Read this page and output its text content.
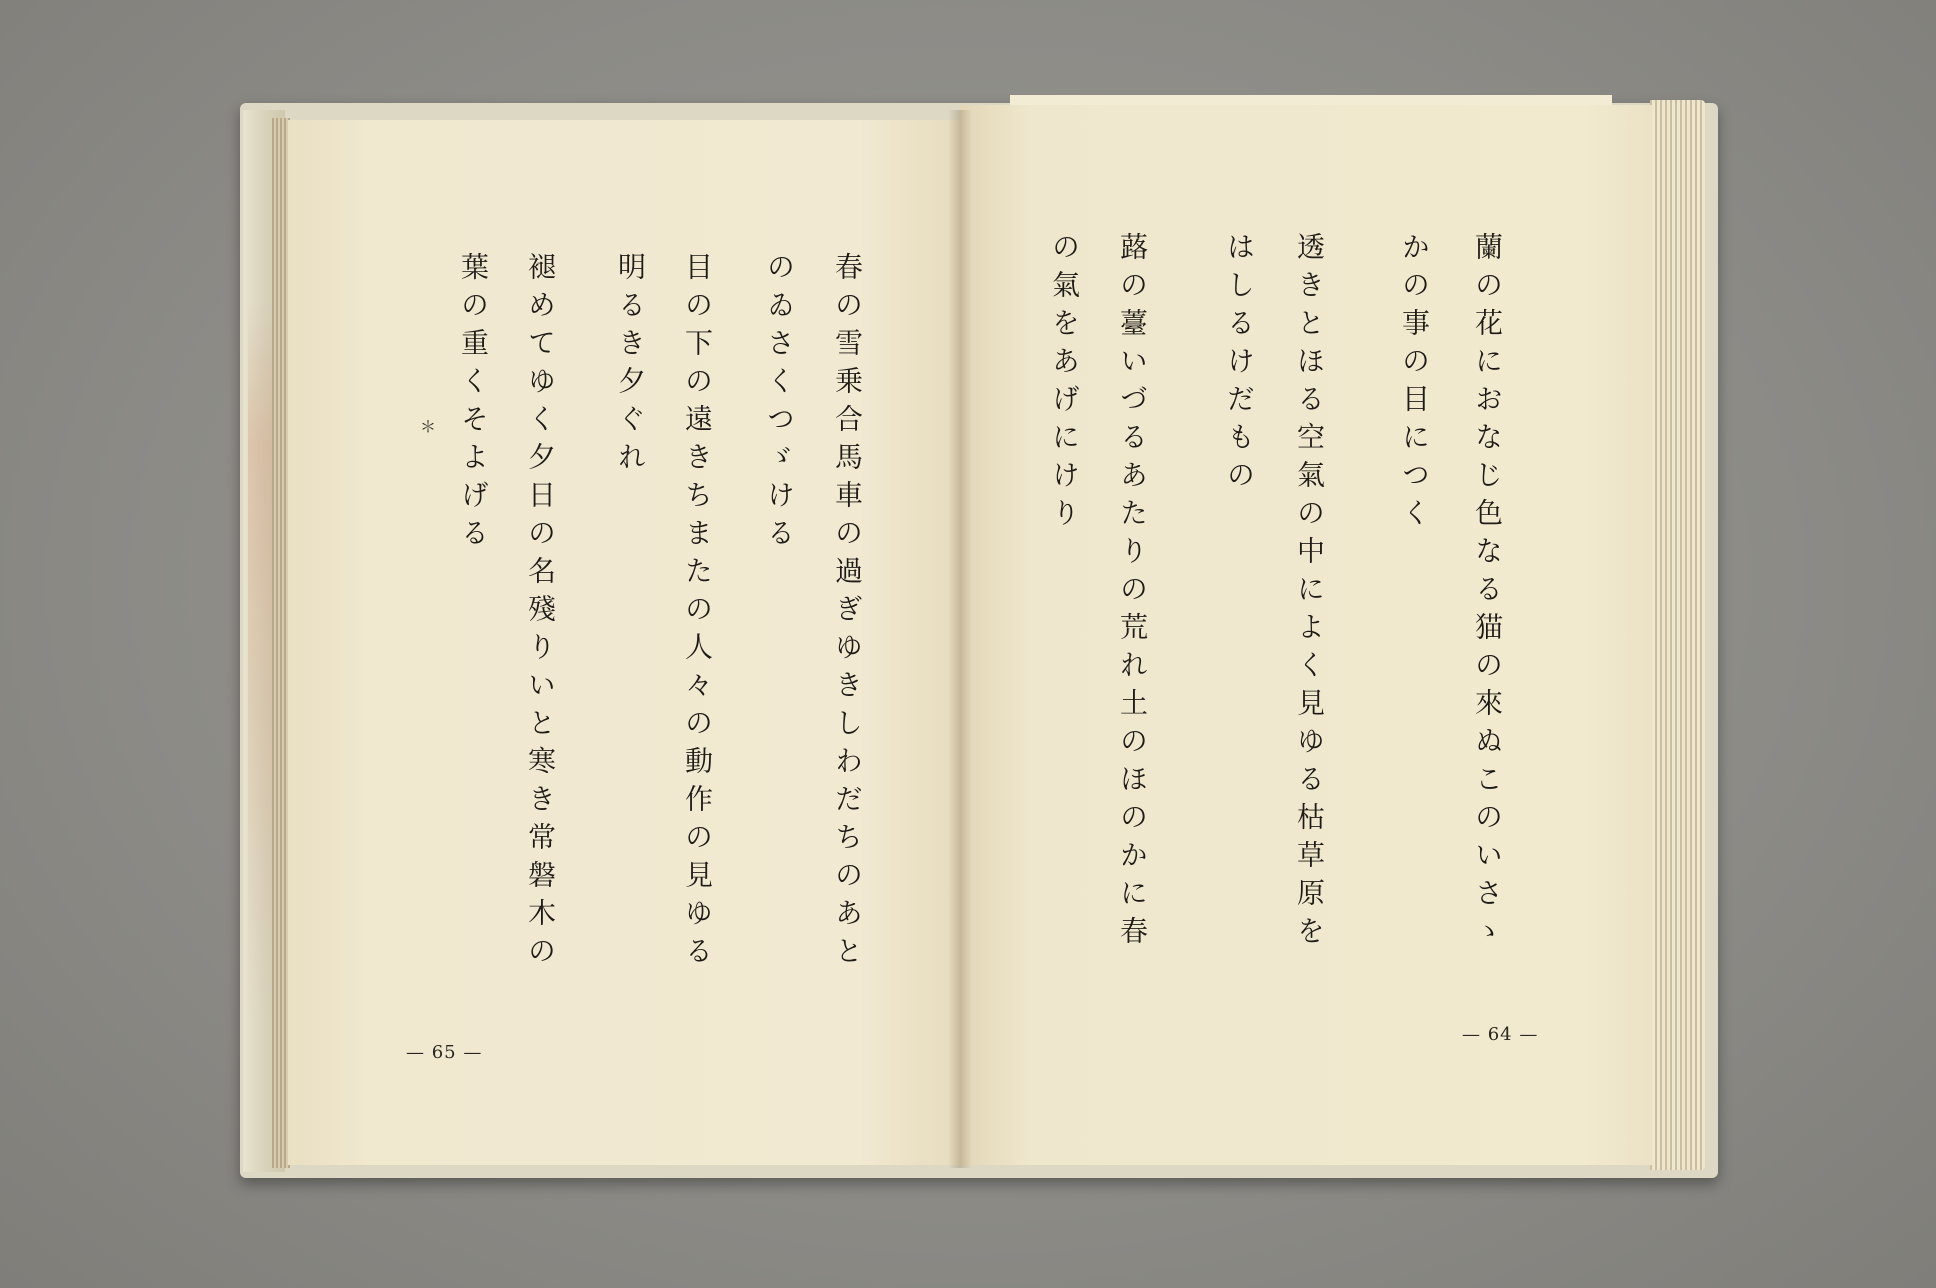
春の雪乗合馬車の過ぎゆきしわだちのあと
のゐさくつゞける
目の下の遠きちまたの人々の動作の見ゆる
明るき夕ぐれ
褪めてゆく夕日の名殘りいと寒き常磐木の
葉の重くそよげる
＊
— 65 —
蘭の花におなじ色なる猫の來ぬこのいさゝ
かの事の目につく
透きとほる空氣の中によく見ゆる枯草原を
はしるけだもの
蕗の薹いづるあたりの荒れ土のほのかに春
の氣をあげにけり
— 64 —
